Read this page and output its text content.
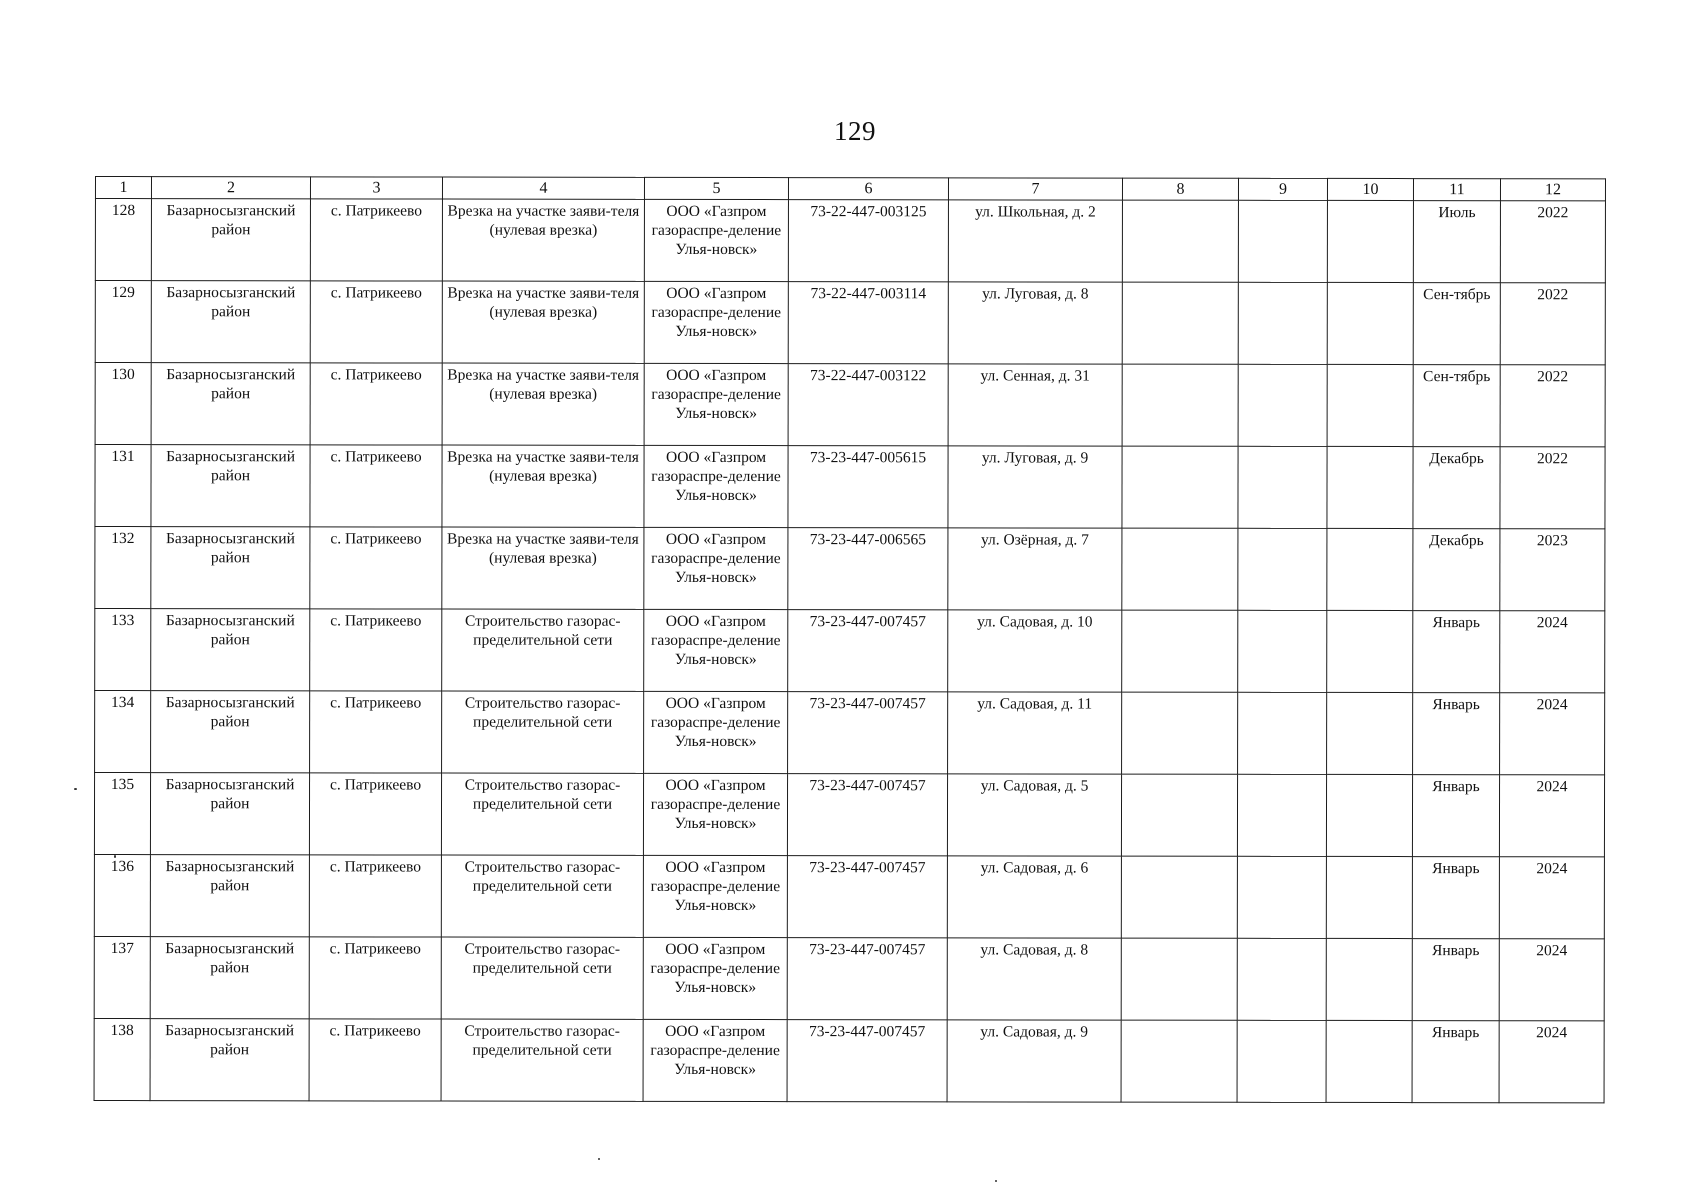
129
1	2	3	4	5	6	7	8	9	10	11	12
128	Базарносызганский район	с. Патрикеево	Врезка на участке заяви-теля (нулевая врезка)	ООО «Газпром газораспре-деление Улья-новск»	73-22-447-003125	ул. Школьная, д. 2				Июль	2022
129	Базарносызганский район	с. Патрикеево	Врезка на участке заяви-теля (нулевая врезка)	ООО «Газпром газораспре-деление Улья-новск»	73-22-447-003114	ул. Луговая, д. 8				Сен-тябрь	2022
130	Базарносызганский район	с. Патрикеево	Врезка на участке заяви-теля (нулевая врезка)	ООО «Газпром газораспре-деление Улья-новск»	73-22-447-003122	ул. Сенная, д. 31				Сен-тябрь	2022
131	Базарносызганский район	с. Патрикеево	Врезка на участке заяви-теля (нулевая врезка)	ООО «Газпром газораспре-деление Улья-новск»	73-23-447-005615	ул. Луговая, д. 9				Декабрь	2022
132	Базарносызганский район	с. Патрикеево	Врезка на участке заяви-теля (нулевая врезка)	ООО «Газпром газораспре-деление Улья-новск»	73-23-447-006565	ул. Озёрная, д. 7				Декабрь	2023
133	Базарносызганский район	с. Патрикеево	Строительство газорас-пределительной сети	ООО «Газпром газораспре-деление Улья-новск»	73-23-447-007457	ул. Садовая, д. 10				Январь	2024
134	Базарносызганский район	с. Патрикеево	Строительство газорас-пределительной сети	ООО «Газпром газораспре-деление Улья-новск»	73-23-447-007457	ул. Садовая, д. 11				Январь	2024
135	Базарносызганский район	с. Патрикеево	Строительство газорас-пределительной сети	ООО «Газпром газораспре-деление Улья-новск»	73-23-447-007457	ул. Садовая, д. 5				Январь	2024
136	Базарносызганский район	с. Патрикеево	Строительство газорас-пределительной сети	ООО «Газпром газораспре-деление Улья-новск»	73-23-447-007457	ул. Садовая, д. 6				Январь	2024
137	Базарносызганский район	с. Патрикеево	Строительство газорас-пределительной сети	ООО «Газпром газораспре-деление Улья-новск»	73-23-447-007457	ул. Садовая, д. 8				Январь	2024
138	Базарносызганский район	с. Патрикеево	Строительство газорас-пределительной сети	ООО «Газпром газораспре-деление Улья-новск»	73-23-447-007457	ул. Садовая, д. 9				Январь	2024
